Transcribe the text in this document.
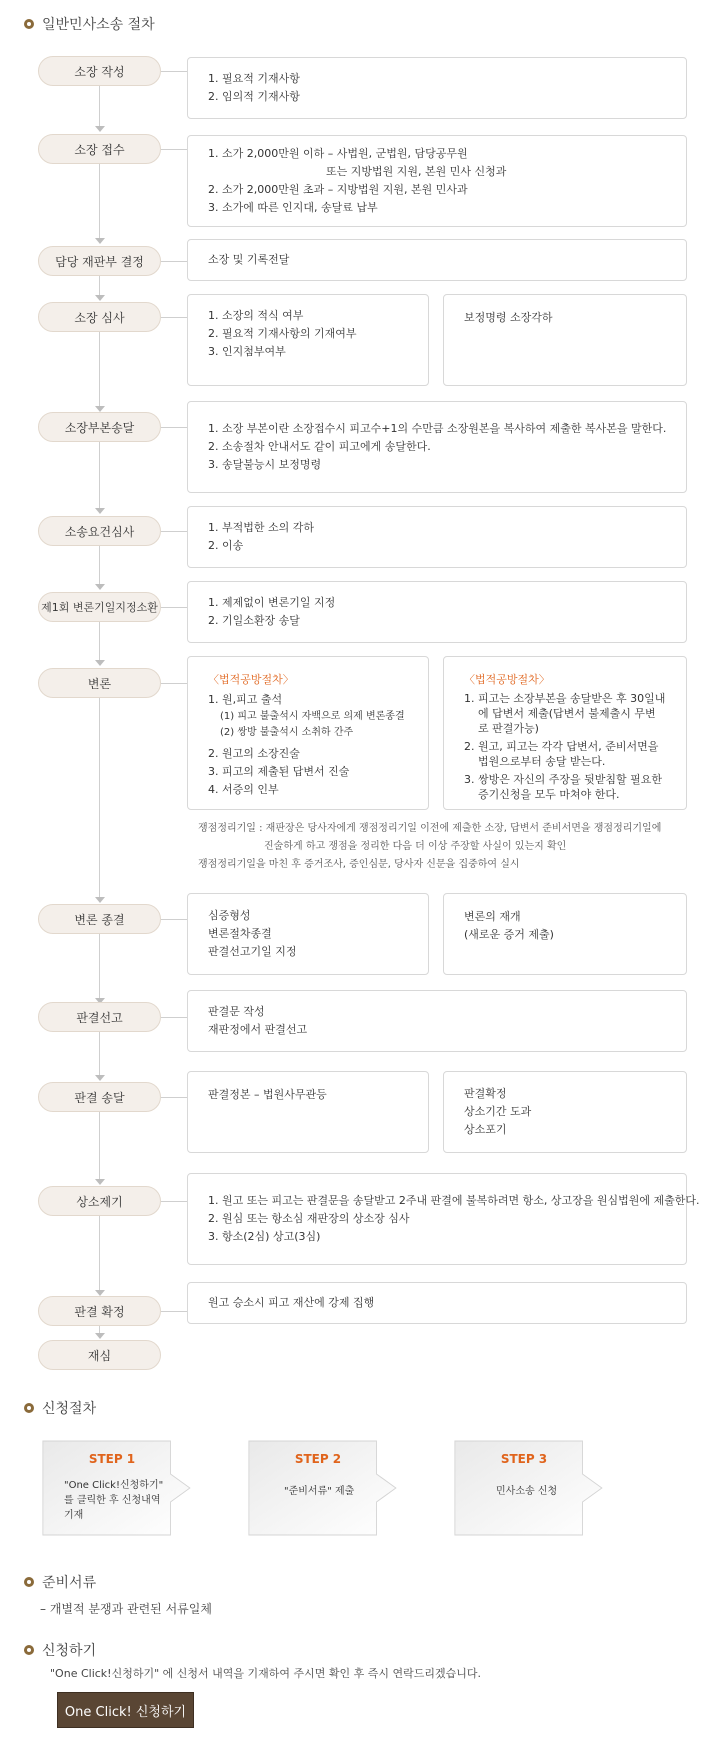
일반민사소송 절차
소장 작성
소장 접수
담당 재판부 결정
소장 심사
소장부본송달
소송요건심사
제1회 변론기일지정소환
변론
변론 종결
판결선고
판결 송달
상소제기
판결 확정
재심
1. 필요적 기재사항
2. 임의적 기재사항
1. 소가 2,000만원 이하 – 사법원, 군법원, 담당공무원
또는 지방법원 지원, 본원 민사 신청과
2. 소가 2,000만원 초과 – 지방법원 지원, 본원 민사과
3. 소가에 따른 인지대, 송달료 납부
소장 및 기록전달
1. 소장의 적식 여부
2. 필요적 기재사항의 기재여부
3. 인지첨부여부
보정명령 소장각하
1. 소장 부본이란 소장접수시 피고수+1의 수만큼 소장원본을 복사하여 제출한 복사본을 말한다.
2. 소송절차 안내서도 같이 피고에게 송달한다.
3. 송달불능시 보정명령
1. 부적법한 소의 각하
2. 이송
1. 제제없이 변론기일 지정
2. 기일소환장 송달
〈법적공방절차〉
1. 원,피고 출석
(1) 피고 불출석시 자백으로 의제 변론종결
(2) 쌍방 불출석시 소취하 간주
2. 원고의 소장진술
3. 피고의 제출된 답변서 진술
4. 서증의 인부
〈법적공방절차〉
1. 피고는 소장부본을 송달받은 후 30일내에 답변서 제출(답변서 불제출시 무변로 판결가능)
2. 원고, 피고는 각각 답변서, 준비서면을 법원으로부터 송달 받는다.
3. 쌍방은 자신의 주장을 뒷받침할 필요한 증기신청을 모두 마쳐야 한다.
쟁점정리기일 : 재판장은 당사자에게 쟁점정리기일 이전에 제출한 소장, 답변서 준비서면을 쟁점정리기일에
진술하게 하고 쟁점을 정리한 다음 더 이상 주장할 사실이 있는지 확인
쟁점정리기일을 마친 후 증거조사, 증인심문, 당사자 신문을 집중하여 실시
심증형성
변론절차종결
판결선고기일 지정
변론의 재개
(새로운 증거 제출)
판결문 작성
재판정에서 판결선고
판결정본 – 법원사무관등	판결확정
상소기간 도과
상소포기
1. 원고 또는 피고는 판결문을 송달받고 2주내 판결에 불복하려면 항소, 상고장을 원심법원에 제출한다.
2. 원심 또는 항소심 재판장의 상소장 심사
3. 항소(2심) 상고(3심)
원고 승소시 피고 재산에 강제 집행
신청절차
STEP 1
"One Click!신청하기"
를 클릭한 후 신청내역
기재
STEP 2
"준비서류" 제출
STEP 3
민사소송 신청
준비서류
– 개별적 분쟁과 관련된 서류일체
신청하기
"One Click!신청하기" 에 신청서 내역을 기재하여 주시면 확인 후 즉시 연락드리겠습니다.
One Click! 신청하기
